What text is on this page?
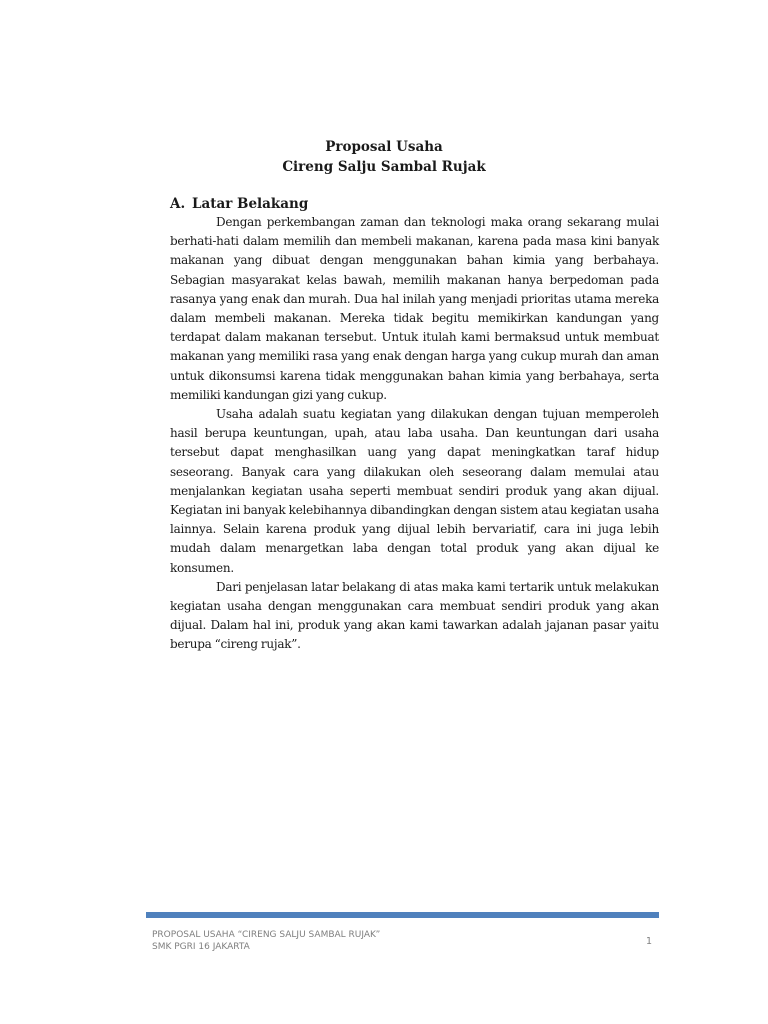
Proposal Usaha
Cireng Salju Sambal Rujak
A. Latar Belakang

Dengan perkembangan zaman dan teknologi maka orang sekarang mulai berhati-hati dalam memilih dan membeli makanan, karena pada masa kini banyak makanan yang dibuat dengan menggunakan bahan kimia yang berbahaya. Sebagian masyarakat kelas bawah, memilih makanan hanya berpedoman pada rasanya yang enak dan murah. Dua hal inilah yang menjadi prioritas utama mereka dalam membeli makanan. Mereka tidak begitu memikirkan kandungan yang terdapat dalam makanan tersebut. Untuk itulah kami bermaksud untuk membuat makanan yang memiliki rasa yang enak dengan harga yang cukup murah dan aman untuk dikonsumsi karena tidak menggunakan bahan kimia yang berbahaya, serta memiliki kandungan gizi yang cukup.

Usaha adalah suatu kegiatan yang dilakukan dengan tujuan memperoleh hasil berupa keuntungan, upah, atau laba usaha. Dan keuntungan dari usaha tersebut dapat menghasilkan uang yang dapat meningkatkan taraf hidup seseorang. Banyak cara yang dilakukan oleh seseorang dalam memulai atau menjalankan kegiatan usaha seperti membuat sendiri produk yang akan dijual. Kegiatan ini banyak kelebihannya dibandingkan dengan sistem atau kegiatan usaha lainnya. Selain karena produk yang dijual lebih bervariatif, cara ini juga lebih mudah dalam menargetkan laba dengan total produk yang akan dijual ke konsumen.

Dari penjelasan latar belakang di atas maka kami tertarik untuk melakukan kegiatan usaha dengan menggunakan cara membuat sendiri produk yang akan dijual. Dalam hal ini, produk yang akan kami tawarkan adalah jajanan pasar yaitu berupa “cireng rujak”.

PROPOSAL USAHA “CIRENG SALJU SAMBAL RUJAK”
SMK PGRI 16 JAKARTA	1
